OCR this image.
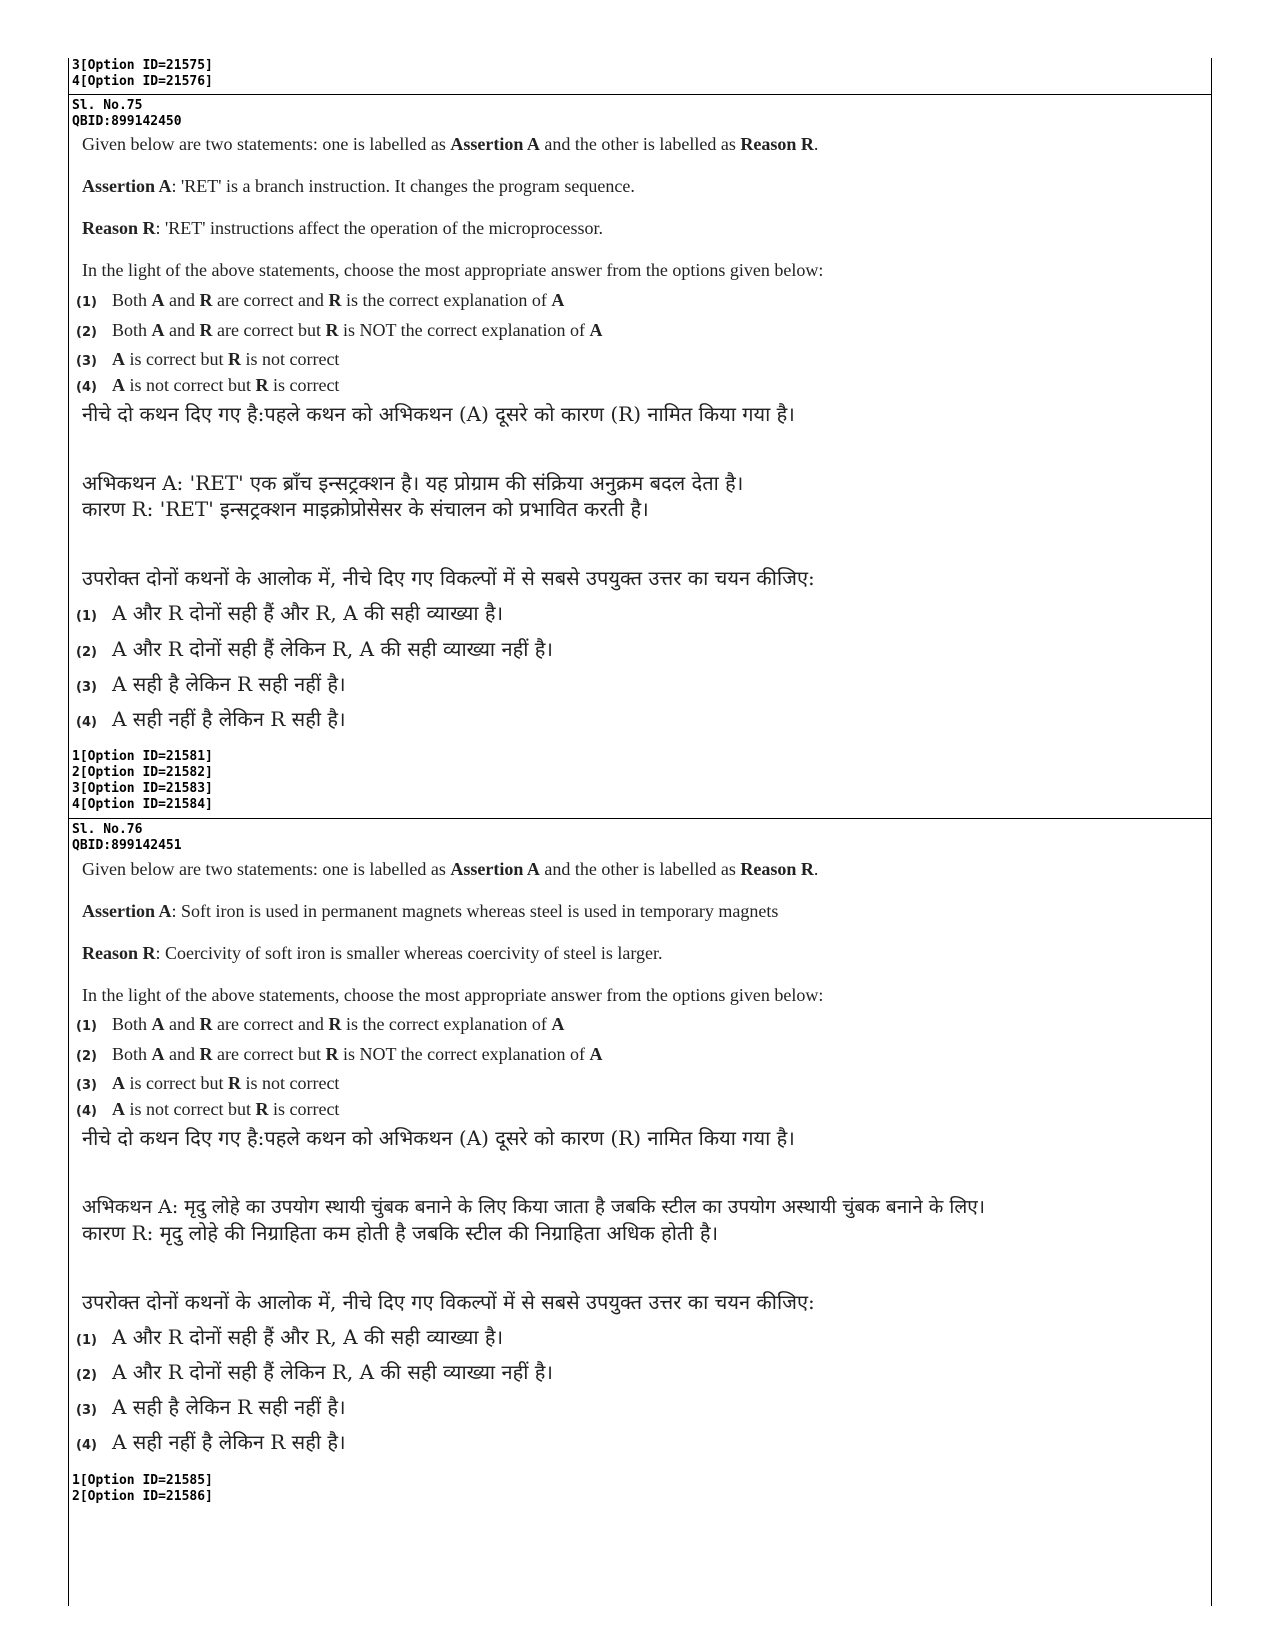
3[Option ID=21575]
4[Option ID=21576]
Sl. No.75
QBID:899142450
Given below are two statements: one is labelled as Assertion A and the other is labelled as Reason R.
Assertion A: 'RET' is a branch instruction. It changes the program sequence.
Reason R: 'RET' instructions affect the operation of the microprocessor.
In the light of the above statements, choose the most appropriate answer from the options given below:
(1) Both A and R are correct and R is the correct explanation of A
(2) Both A and R are correct but R is NOT the correct explanation of A
(3) A is correct but R is not correct
(4) A is not correct but R is correct
नीचे दो कथन दिए गए है:पहले कथन को अभिकथन (A) दूसरे को कारण (R) नामित किया गया है।
अभिकथन A: 'RET' एक ब्राँच इन्सट्रक्शन है। यह प्रोग्राम की संक्रिया अनुक्रम बदल देता है।
कारण R: 'RET' इन्सट्रक्शन माइक्रोप्रोसेसर के संचालन को प्रभावित करती है।
उपरोक्त दोनों कथनों के आलोक में, नीचे दिए गए विकल्पों में से सबसे उपयुक्त उत्तर का चयन कीजिए:
(1) A और R दोनों सही हैं और R, A की सही व्याख्या है।
(2) A और R दोनों सही हैं लेकिन R, A की सही व्याख्या नहीं है।
(3) A सही है लेकिन R सही नहीं है।
(4) A सही नहीं है लेकिन R सही है।
1[Option ID=21581]
2[Option ID=21582]
3[Option ID=21583]
4[Option ID=21584]
Sl. No.76
QBID:899142451
Given below are two statements: one is labelled as Assertion A and the other is labelled as Reason R.
Assertion A: Soft iron is used in permanent magnets whereas steel is used in temporary magnets
Reason R: Coercivity of soft iron is smaller whereas coercivity of steel is larger.
In the light of the above statements, choose the most appropriate answer from the options given below:
(1) Both A and R are correct and R is the correct explanation of A
(2) Both A and R are correct but R is NOT the correct explanation of A
(3) A is correct but R is not correct
(4) A is not correct but R is correct
नीचे दो कथन दिए गए है:पहले कथन को अभिकथन (A) दूसरे को कारण (R) नामित किया गया है।
अभिकथन A: मृदु लोहे का उपयोग स्थायी चुंबक बनाने के लिए किया जाता है जबकि स्टील का उपयोग अस्थायी चुंबक बनाने के लिए।
कारण R: मृदु लोहे की निग्राहिता कम होती है जबकि स्टील की निग्राहिता अधिक होती है।
उपरोक्त दोनों कथनों के आलोक में, नीचे दिए गए विकल्पों में से सबसे उपयुक्त उत्तर का चयन कीजिए:
(1) A और R दोनों सही हैं और R, A की सही व्याख्या है।
(2) A और R दोनों सही हैं लेकिन R, A की सही व्याख्या नहीं है।
(3) A सही है लेकिन R सही नहीं है।
(4) A सही नहीं है लेकिन R सही है।
1[Option ID=21585]
2[Option ID=21586]
